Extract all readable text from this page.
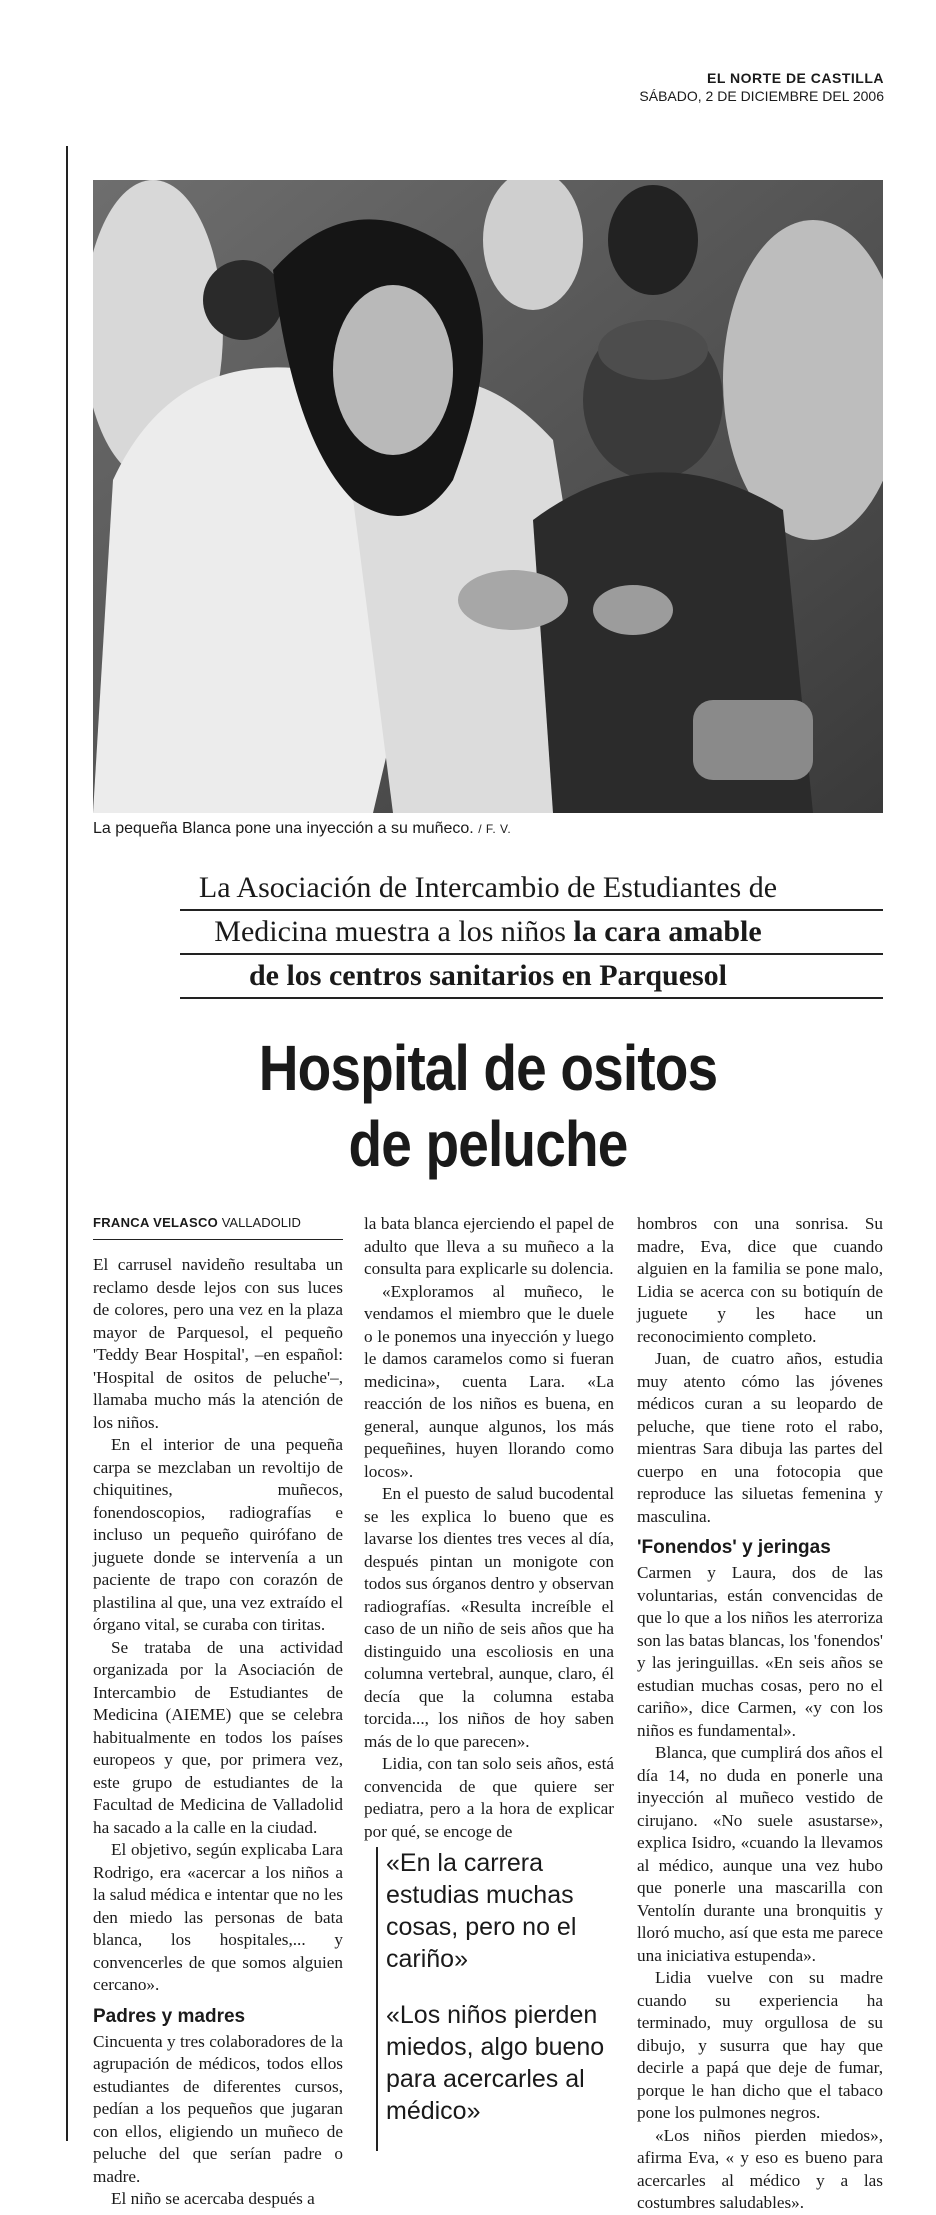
EL NORTE DE CASTILLA
SÁBADO, 2 DE DICIEMBRE DEL 2006
La pequeña Blanca pone una inyección a su muñeco. / F. V.
La Asociación de Intercambio de Estudiantes de
Medicina muestra a los niños la cara amable
de los centros sanitarios en Parquesol
Hospital de ositos
de peluche
FRANCA VELASCO VALLADOLID

El carrusel navideño resultaba un reclamo desde lejos con sus luces de colores, pero una vez en la plaza mayor de Parquesol, el pequeño 'Teddy Bear Hospital', –en español: 'Hospital de ositos de peluche'–, llamaba mucho más la atención de los niños.

En el interior de una pequeña carpa se mezclaban un revoltijo de chiquitines, muñecos, fonendoscopios, radiografías e incluso un pequeño quirófano de juguete donde se intervenía a un paciente de trapo con corazón de plastilina al que, una vez extraído el órgano vital, se curaba con tiritas.

Se trataba de una actividad organizada por la Asociación de Intercambio de Estudiantes de Medicina (AIEME) que se celebra habitualmente en todos los países europeos y que, por primera vez, este grupo de estudiantes de la Facultad de Medicina de Valladolid ha sacado a la calle en la ciudad.

El objetivo, según explicaba Lara Rodrigo, era «acercar a los niños a la salud médica e intentar que no les den miedo las personas de bata blanca, los hospitales,... y convencerles de que somos alguien cercano».

Padres y madres

Cincuenta y tres colaboradores de la agrupación de médicos, todos ellos estudiantes de diferentes cursos, pedían a los pequeños que jugaran con ellos, eligiendo un muñeco de peluche del que serían padre o madre.

El niño se acercaba después a

la bata blanca ejerciendo el papel de adulto que lleva a su muñeco a la consulta para explicarle su dolencia.

«Exploramos al muñeco, le vendamos el miembro que le duele o le ponemos una inyección y luego le damos caramelos como si fueran medicina», cuenta Lara. «La reacción de los niños es buena, en general, aunque algunos, los más pequeñines, huyen llorando como locos».

En el puesto de salud bucodental se les explica lo bueno que es lavarse los dientes tres veces al día, después pintan un monigote con todos sus órganos dentro y observan radiografías. «Resulta increíble el caso de un niño de seis años que ha distinguido una escoliosis en una columna vertebral, aunque, claro, él decía que la columna estaba torcida..., los niños de hoy saben más de lo que parecen».

Lidia, con tan solo seis años, está convencida de que quiere ser pediatra, pero a la hora de explicar por qué, se encoge de

«En la carrera estudias muchas cosas, pero no el cariño»

«Los niños pierden miedos, algo bueno para acercarles al médico»

hombros con una sonrisa. Su madre, Eva, dice que cuando alguien en la familia se pone malo, Lidia se acerca con su botiquín de juguete y les hace un reconocimiento completo.

Juan, de cuatro años, estudia muy atento cómo las jóvenes médicos curan a su leopardo de peluche, que tiene roto el rabo, mientras Sara dibuja las partes del cuerpo en una fotocopia que reproduce las siluetas femenina y masculina.

'Fonendos' y jeringas

Carmen y Laura, dos de las voluntarias, están convencidas de que lo que a los niños les aterroriza son las batas blancas, los 'fonendos' y las jeringuillas. «En seis años se estudian muchas cosas, pero no el cariño», dice Carmen, «y con los niños es fundamental».

Blanca, que cumplirá dos años el día 14, no duda en ponerle una inyección al muñeco vestido de cirujano. «No suele asustarse», explica Isidro, «cuando la llevamos al médico, aunque una vez hubo que ponerle una mascarilla con Ventolín durante una bronquitis y lloró mucho, así que esta me parece una iniciativa estupenda».

Lidia vuelve con su madre cuando su experiencia ha terminado, muy orgullosa de su dibujo, y susurra que hay que decirle a papá que deje de fumar, porque le han dicho que el tabaco pone los pulmones negros.

«Los niños pierden miedos», afirma Eva, « y eso es bueno para acercarles al médico y a las costumbres saludables».
